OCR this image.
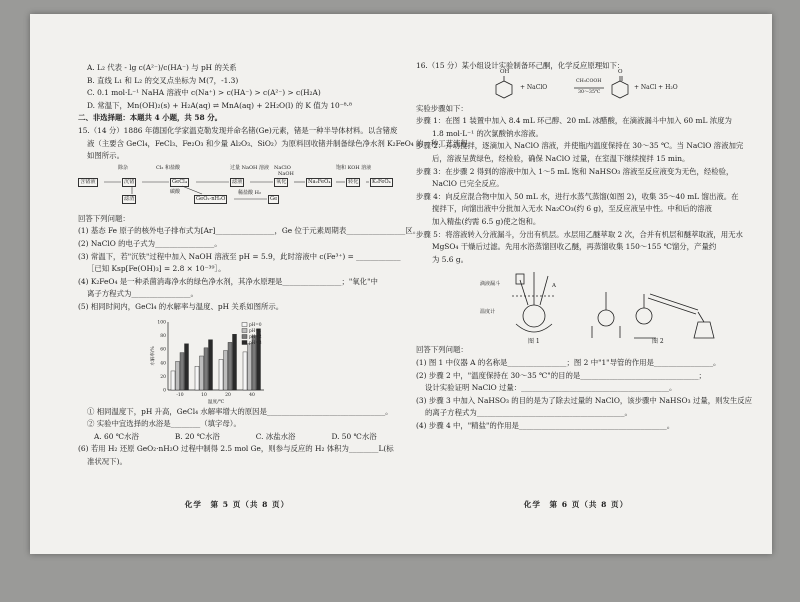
A. L₂ 代表 - lg c(A²⁻)/c(HA⁻) 与 pH 的关系
B. 直线 L₁ 和 L₂ 的交叉点坐标为 M(7，-1.3)
C. 0.1 mol·L⁻¹ NaHA 溶液中 c(Na⁺) > c(HA⁻) > c(A²⁻) > c(H₂A)
D. 常温下，Mn(OH)₂(s) + H₂A(aq) ⇌ MnA(aq) + 2H₂O(l) 的 K 值为 10⁻⁸·⁸
二、非选择题：本题共 4 小题，共 58 分。
15.（14 分）1886 年德国化学家温克勒发现并命名锗(Ge)元素，锗是一种半导体材料。以含锗废
液（主要含 GeCl₄，FeCl₃、Fe₂O₃ 和少量 Al₂O₃、SiO₂）为原料回收锗并制备绿色净水剂 K₂FeO₄ 的一种工艺流程
如图所示。
除杂	Cl₂ 和盐酸	过量 NaOH 溶液 NaClO
NaOH
饱和 KOH 溶液
含锗液	沉锗	GeCl₄	氧化	Na₂FeO₄	转化	K₂FeO₄
滤渣
滤液
GeO₂·nH₂O	Ge
碳酸	稀盐酸 H₂
回答下列问题：
(1) 基态 Fe 原子的核外电子排布式为[Ar]________________，Ge 位于元素周期表________________区。
(2) NaClO 的电子式为________________。
(3) 常温下，若"沉铁"过程中加入 NaOH 溶液至 pH = 5.9，此时溶液中 c(Fe³⁺) = ____________
［已知 Ksp[Fe(OH)₃] = 2.8 × 10⁻³⁹］。
(4) K₂FeO₄ 是一种杀菌消毒净水的绿色净水剂，其净水原理是________________；"氧化"中
离子方程式为________________。
(5) 相同时间内，GeCl₄ 的水解率与温度、pH 关系如图所示。
100
80
60
40
20
0
水解率/%
-10	10	20	40
温度/℃
pH=0
pH=1
pH=2
pH=3
① 相同温度下，pH 升高，GeCl₄ 水解率增大的原因是________________________________。
② 实验中宜选择的水浴是________（填字母）。
A. 60 ℃水浴	B. 20 ℃水浴	C. 冰盐水浴	D. 50 ℃水浴
(6) 若用 H₂ 还原 GeO₂·nH₂O 过程中制得 2.5 mol Ge，则参与反应的 H₂ 体积为________L(标
准状况下)。
化学　第 5 页（共 8 页）
16.（15 分）某小组设计实验制备环己酮，化学反应原理如下：
OH
+ NaClO
CH₃COOH
30～35℃
O
+ NaCl + H₂O
实验步骤如下：
步骤 1：在图 1 装置中加入 8.4 mL 环己醇、20 mL 冰醋酸，在滴液漏斗中加入 60 mL 浓度为
1.8 mol·L⁻¹ 的次氯酸钠水溶液。
步骤 2：开动搅拌，逐滴加入 NaClO 溶液，并使瓶内温度保持在 30～35 ℃。当 NaClO 溶液加完
后，溶液呈黄绿色，经检验，确保 NaClO 过量，在室温下继续搅拌 15 min。
步骤 3：在步骤 2 得到的溶液中加入 1～5 mL 饱和 NaHSO₃ 溶液至反应液变为无色，经检验，
NaClO 已完全反应。
步骤 4：向反应混合物中加入 50 mL 水，进行水蒸气蒸馏(如图 2)，收集 35～40 mL 馏出液。在
搅拌下，向馏出液中分批加入无水 Na₂CO₃(约 6 g)，至反应液呈中性。中和后的溶液
加入精盐(约需 6.5 g)使之饱和。
步骤 5：将溶液转入分液漏斗，分出有机层。水层用乙醚萃取 2 次，合并有机层和醚萃取液，用无水
MgSO₄ 干燥后过滤。先用水浴蒸馏回收乙醚，再蒸馏收集 150～155 ℃馏分，产量约
为 5.6 g。
滴液漏斗
温度计
A
图 1	图 2
回答下列问题：
(1) 图 1 中仪器 A 的名称是________________；图 2 中"1"导管的作用是________________。
(2) 步骤 2 中，"温度保持在 30～35 ℃"的目的是________________________________；
设计实验证明 NaClO 过量：________________________________________。
(3) 步骤 3 中加入 NaHSO₃ 的目的是为了除去过量的 NaClO，该步骤中 NaHSO₃ 过量，则发生反应
的离子方程式为________________________________________。
(4) 步骤 4 中，"精盐"的作用是________________________________________。
化学　第 6 页（共 8 页）
